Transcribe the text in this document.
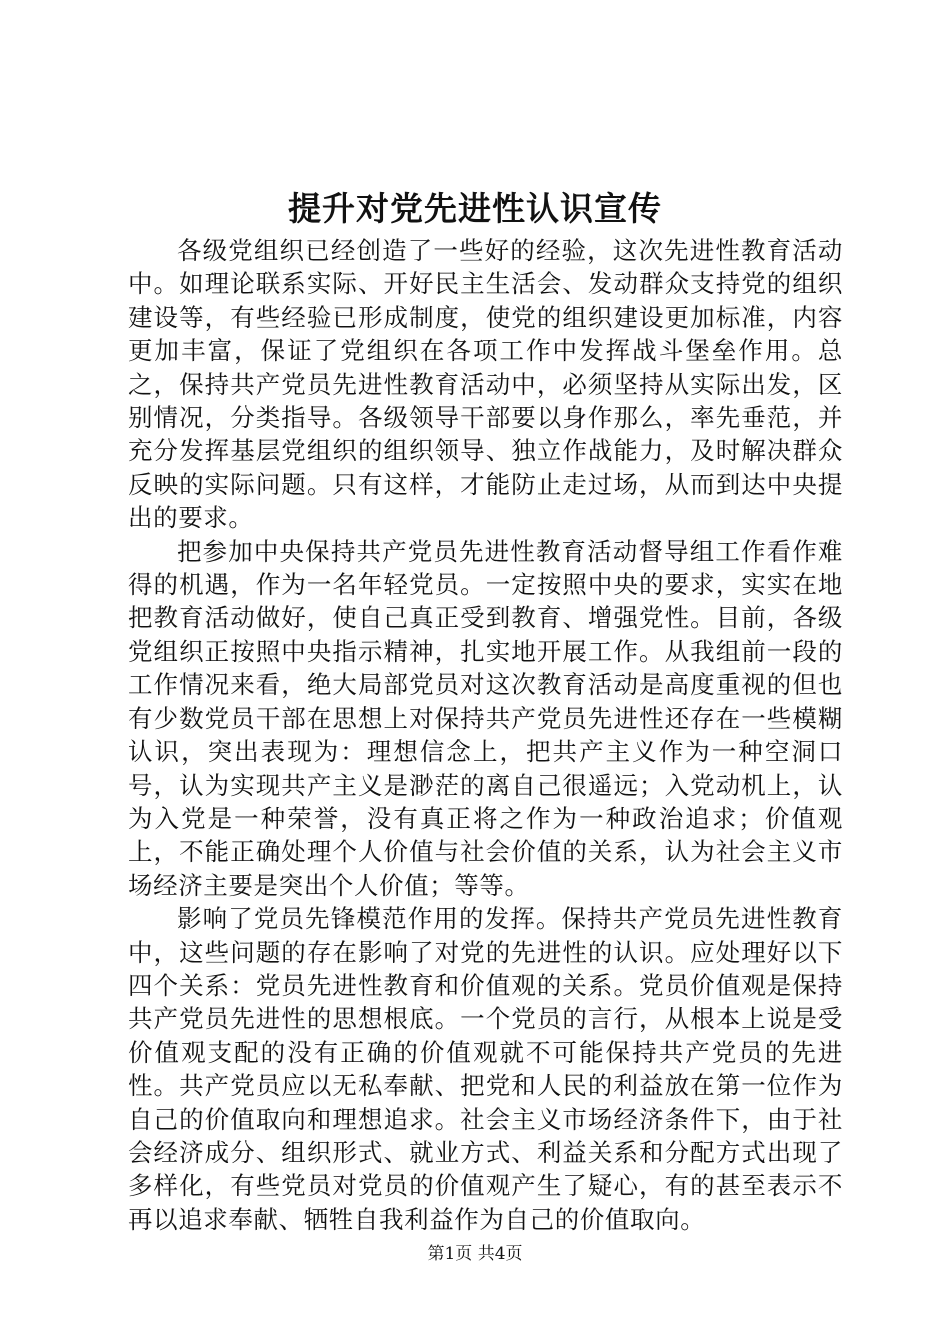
提升对党先进性认识宣传

各级党组织已经创造了一些好的经验，这次先进性教育活动中。如理论联系实际、开好民主生活会、发动群众支持党的组织建设等，有些经验已形成制度，使党的组织建设更加标准，内容更加丰富，保证了党组织在各项工作中发挥战斗堡垒作用。总之，保持共产党员先进性教育活动中，必须坚持从实际出发，区别情况，分类指导。各级领导干部要以身作那么，率先垂范，并充分发挥基层党组织的组织领导、独立作战能力，及时解决群众反映的实际问题。只有这样，才能防止走过场，从而到达中央提出的要求。

把参加中央保持共产党员先进性教育活动督导组工作看作难得的机遇，作为一名年轻党员。一定按照中央的要求，实实在地把教育活动做好，使自己真正受到教育、增强党性。目前，各级党组织正按照中央指示精神，扎实地开展工作。从我组前一段的工作情况来看，绝大局部党员对这次教育活动是高度重视的但也有少数党员干部在思想上对保持共产党员先进性还存在一些模糊认识，突出表现为：理想信念上，把共产主义作为一种空洞口号，认为实现共产主义是渺茫的离自己很遥远；入党动机上，认为入党是一种荣誉，没有真正将之作为一种政治追求；价值观上，不能正确处理个人价值与社会价值的关系，认为社会主义市场经济主要是突出个人价值；等等。

影响了党员先锋模范作用的发挥。保持共产党员先进性教育中，这些问题的存在影响了对党的先进性的认识。应处理好以下四个关系：党员先进性教育和价值观的关系。党员价值观是保持共产党员先进性的思想根底。一个党员的言行，从根本上说是受价值观支配的没有正确的价值观就不可能保持共产党员的先进性。共产党员应以无私奉献、把党和人民的利益放在第一位作为自己的价值取向和理想追求。社会主义市场经济条件下，由于社会经济成分、组织形式、就业方式、利益关系和分配方式出现了多样化，有些党员对党员的价值观产生了疑心，有的甚至表示不再以追求奉献、牺牲自我利益作为自己的价值取向。

第1页 共4页
